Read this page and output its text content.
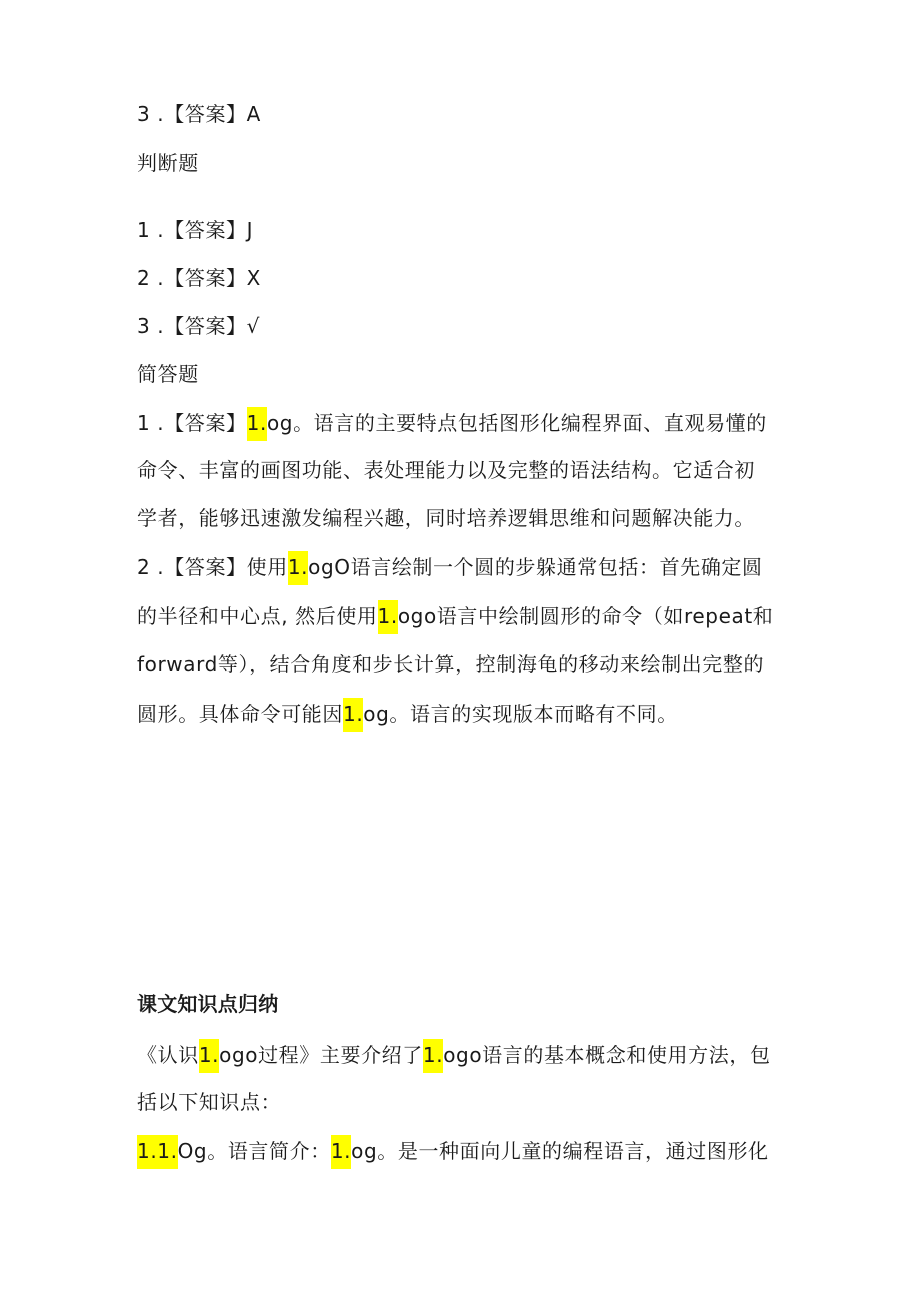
3 .【答案】A
判断题
1 .【答案】J
2 .【答案】X
3 .【答案】√
简答题
1 .【答案】1.og。语言的主要特点包括图形化编程界面、直观易懂的
命令、丰富的画图功能、表处理能力以及完整的语法结构。它适合初
学者，能够迅速激发编程兴趣，同时培养逻辑思维和问题解决能力。
2 .【答案】使用1.ogO语言绘制一个圆的步躲通常包括：首先确定圆
的半径和中心点, 然后使用1.ogo语言中绘制圆形的命令（如repeat和
forward等），结合角度和步长计算，控制海龟的移动来绘制出完整的
圆形。具体命令可能因1.og。语言的实现版本而略有不同。
课文知识点归纳
《认识1.ogo过程》主要介绍了1.ogo语言的基本概念和使用方法，包
括以下知识点：
1.1.Og。语言简介：1.og。是一种面向儿童的编程语言，通过图形化
